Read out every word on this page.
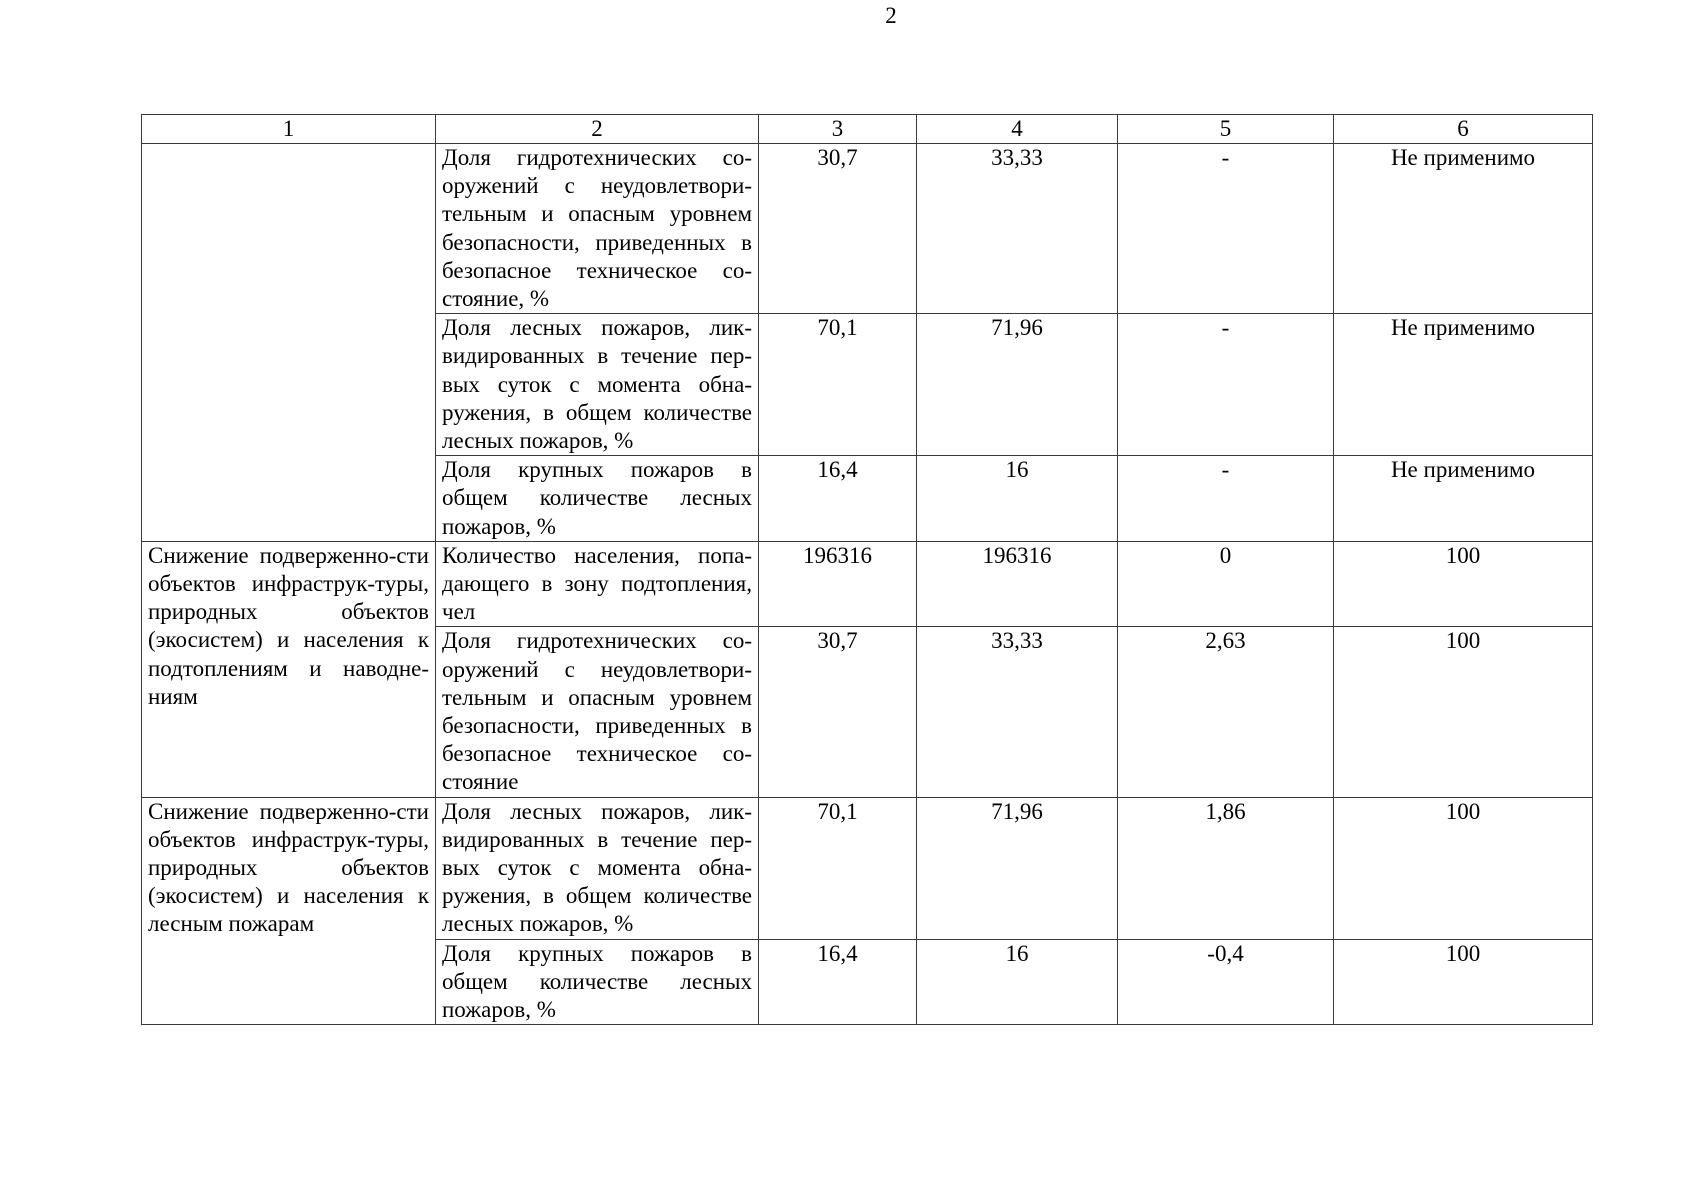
2
1	2	3	4	5	6
	Доля гидротехнических со-оружений с неудовлетвори-тельным и опасным уровнем безопасности, приведенных в безопасное техническое со-стояние, %	30,7	33,33	-	Не применимо
	Доля лесных пожаров, лик-видированных в течение пер-вых суток с момента обна-ружения, в общем количестве лесных пожаров, %	70,1	71,96	-	Не применимо
	Доля крупных пожаров в общем количестве лесных пожаров, %	16,4	16	-	Не применимо
Снижение подверженно-сти объектов инфраструк-туры, природных объектов (экосистем) и населения к подтоплениям и наводне-ниям	Количество населения, попа-дающего в зону подтопления, чел	196316	196316	0	100
	Доля гидротехнических со-оружений с неудовлетвори-тельным и опасным уровнем безопасности, приведенных в безопасное техническое со-стояние	30,7	33,33	2,63	100
Снижение подверженно-сти объектов инфраструк-туры, природных объектов (экосистем) и населения к лесным пожарам	Доля лесных пожаров, лик-видированных в течение пер-вых суток с момента обна-ружения, в общем количестве лесных пожаров, %	70,1	71,96	1,86	100
	Доля крупных пожаров в общем количестве лесных пожаров, %	16,4	16	-0,4	100
